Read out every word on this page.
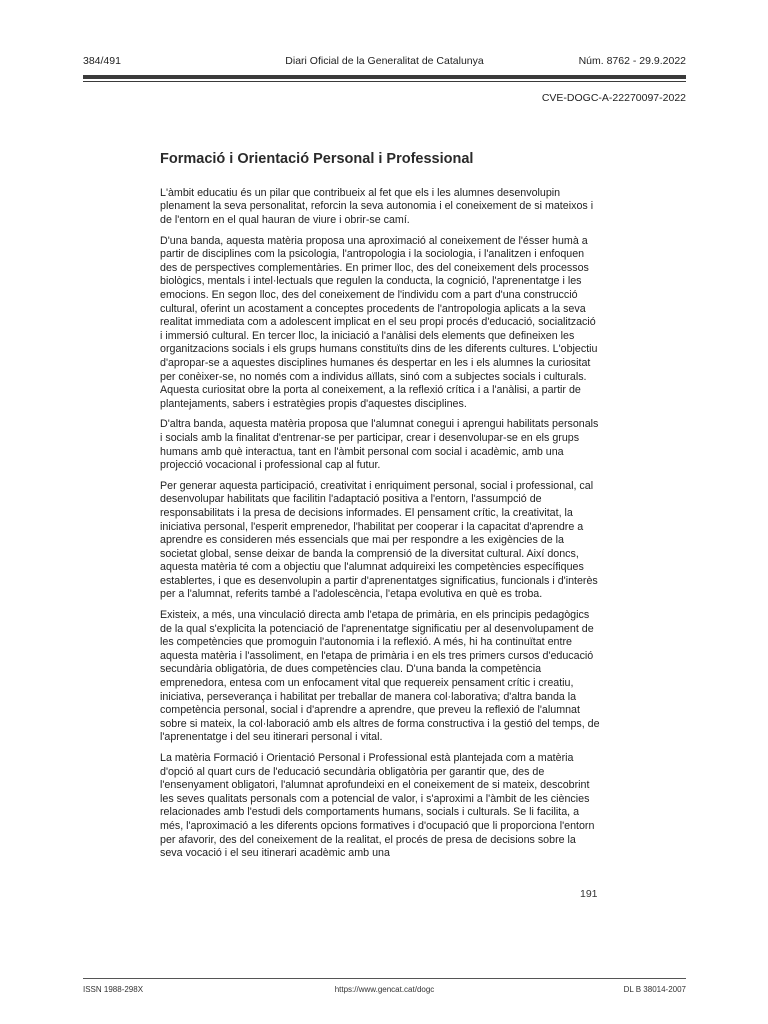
384/491	Diari Oficial de la Generalitat de Catalunya	Núm. 8762 - 29.9.2022
CVE-DOGC-A-22270097-2022
Formació i Orientació Personal i Professional

L'àmbit educatiu és un pilar que contribueix al fet que els i les alumnes desenvolupin plenament la seva personalitat, reforcin la seva autonomia i el coneixement de si mateixos i de l'entorn en el qual hauran de viure i obrir-se camí.

D'una banda, aquesta matèria proposa una aproximació al coneixement de l'ésser humà a partir de disciplines com la psicologia, l'antropologia i la sociologia, i l'analitzen i enfoquen des de perspectives complementàries. En primer lloc, des del coneixement dels processos biològics, mentals i intel·lectuals que regulen la conducta, la cognició, l'aprenentatge i les emocions. En segon lloc, des del coneixement de l'individu com a part d'una construcció cultural, oferint un acostament a conceptes procedents de l'antropologia aplicats a la seva realitat immediata com a adolescent implicat en el seu propi procés d'educació, socialització i immersió cultural. En tercer lloc, la iniciació a l'anàlisi dels elements que defineixen les organitzacions socials i els grups humans constituïts dins de les diferents cultures. L'objectiu d'apropar-se a aquestes disciplines humanes és despertar en les i els alumnes la curiositat per conèixer-se, no només com a individus aïllats, sinó com a subjectes socials i culturals. Aquesta curiositat obre la porta al coneixement, a la reflexió crítica i a l'anàlisi, a partir de plantejaments, sabers i estratègies propis d'aquestes disciplines.

D'altra banda, aquesta matèria proposa que l'alumnat conegui i aprengui habilitats personals i socials amb la finalitat d'entrenar-se per participar, crear i desenvolupar-se en els grups humans amb què interactua, tant en l'àmbit personal com social i acadèmic, amb una projecció vocacional i professional cap al futur.

Per generar aquesta participació, creativitat i enriquiment personal, social i professional, cal desenvolupar habilitats que facilitin l'adaptació positiva a l'entorn, l'assumpció de responsabilitats i la presa de decisions informades. El pensament crític, la creativitat, la iniciativa personal, l'esperit emprenedor, l'habilitat per cooperar i la capacitat d'aprendre a aprendre es consideren més essencials que mai per respondre a les exigències de la societat global, sense deixar de banda la comprensió de la diversitat cultural. Així doncs, aquesta matèria té com a objectiu que l'alumnat adquireixi les competències específiques establertes, i que es desenvolupin a partir d'aprenentatges significatius, funcionals i d'interès per a l'alumnat, referits també a l'adolescència, l'etapa evolutiva en què es troba.

Existeix, a més, una vinculació directa amb l'etapa de primària, en els principis pedagògics de la qual s'explicita la potenciació de l'aprenentatge significatiu per al desenvolupament de les competències que promoguin l'autonomia i la reflexió. A més, hi ha continuïtat entre aquesta matèria i l'assoliment, en l'etapa de primària i en els tres primers cursos d'educació secundària obligatòria, de dues competències clau. D'una banda la competència emprenedora, entesa com un enfocament vital que requereix pensament crític i creatiu, iniciativa, perseverança i habilitat per treballar de manera col·laborativa; d'altra banda la competència personal, social i d'aprendre a aprendre, que preveu la reflexió de l'alumnat sobre si mateix, la col·laboració amb els altres de forma constructiva i la gestió del temps, de l'aprenentatge i del seu itinerari personal i vital.

La matèria Formació i Orientació Personal i Professional està plantejada com a matèria d'opció al quart curs de l'educació secundària obligatòria per garantir que, des de l'ensenyament obligatori, l'alumnat aprofundeixi en el coneixement de si mateix, descobrint les seves qualitats personals com a potencial de valor, i s'aproximi a l'àmbit de les ciències relacionades amb l'estudi dels comportaments humans, socials i culturals. Se li facilita, a més, l'aproximació a les diferents opcions formatives i d'ocupació que li proporciona l'entorn per afavorir, des del coneixement de la realitat, el procés de presa de decisions sobre la seva vocació i el seu itinerari acadèmic amb una

191
ISSN 1988-298X	https://www.gencat.cat/dogc	DL B 38014-2007
